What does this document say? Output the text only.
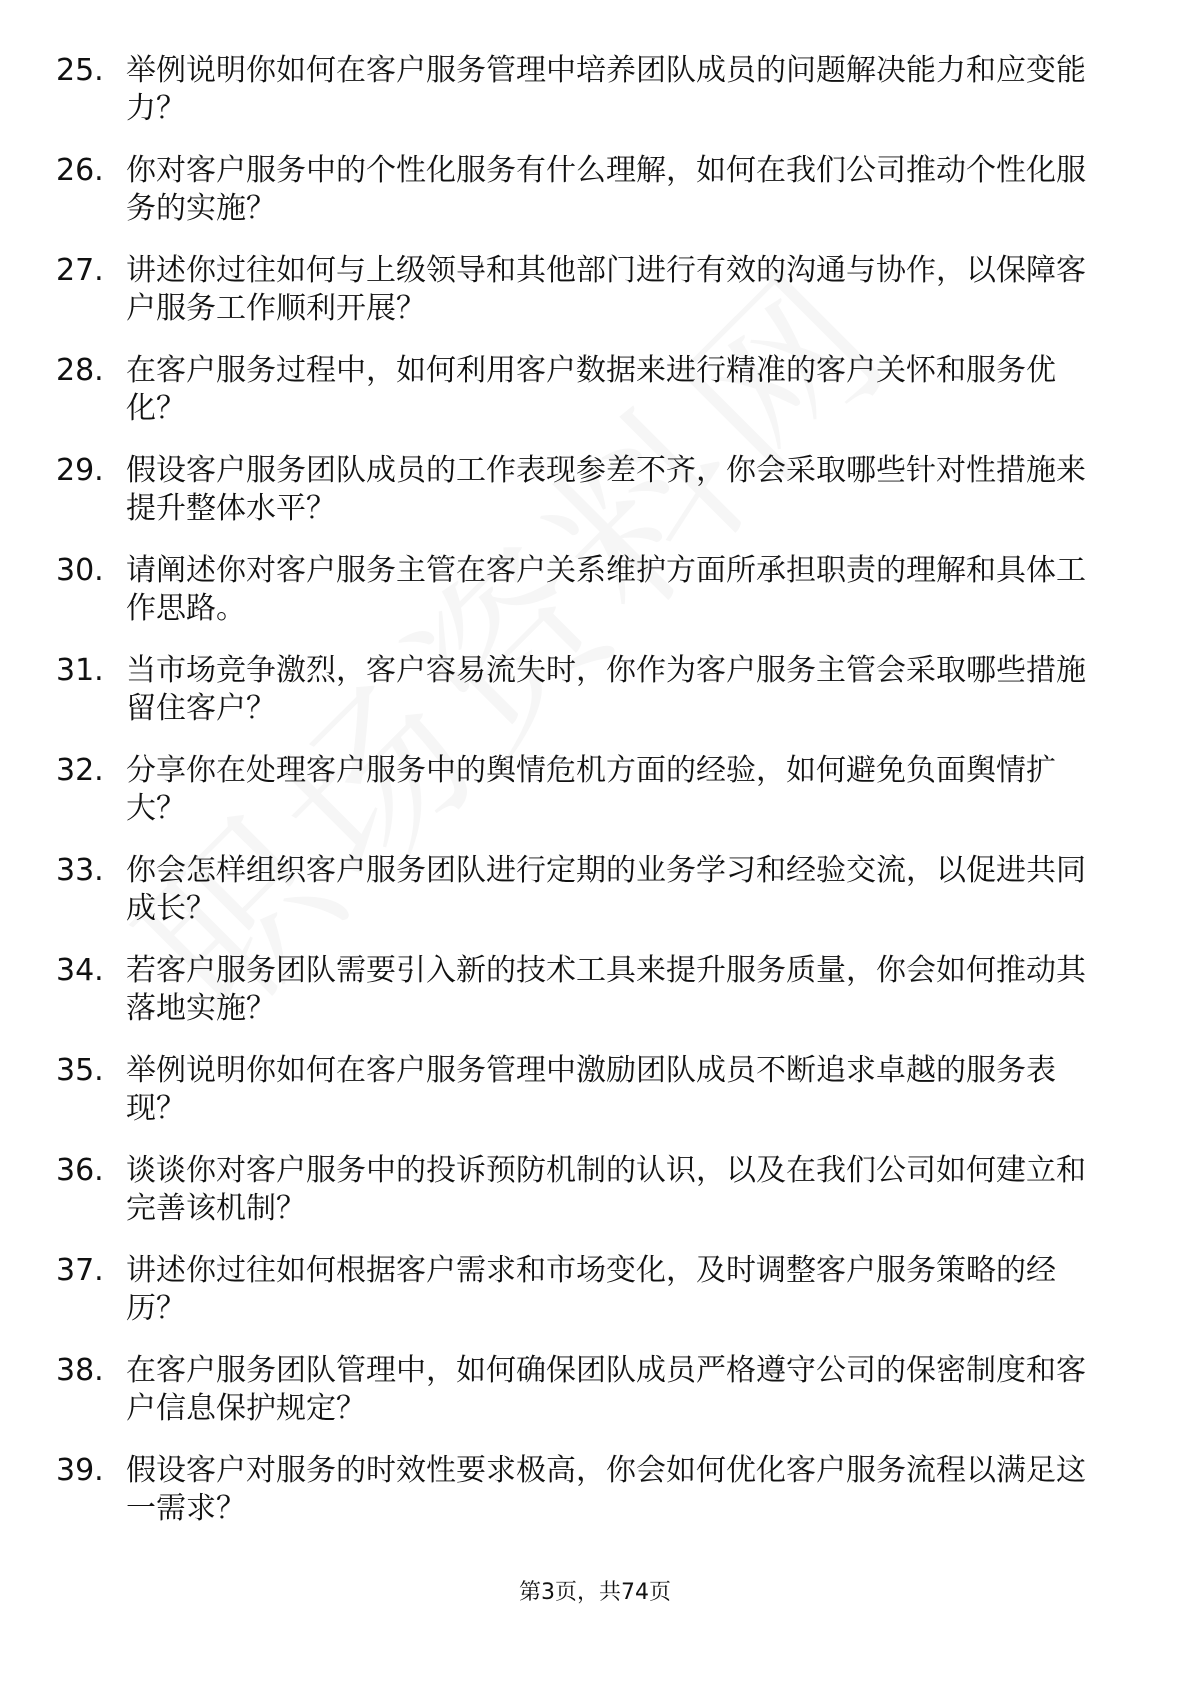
25. 举例说明你如何在客户服务管理中培养团队成员的问题解决能力和应变能力？
26. 你对客户服务中的个性化服务有什么理解，如何在我们公司推动个性化服务的实施？
27. 讲述你过往如何与上级领导和其他部门进行有效的沟通与协作，以保障客户服务工作顺利开展？
28. 在客户服务过程中，如何利用客户数据来进行精准的客户关怀和服务优化？
29. 假设客户服务团队成员的工作表现参差不齐，你会采取哪些针对性措施来提升整体水平？
30. 请阐述你对客户服务主管在客户关系维护方面所承担职责的理解和具体工作思路。
31. 当市场竞争激烈，客户容易流失时，你作为客户服务主管会采取哪些措施留住客户？
32. 分享你在处理客户服务中的舆情危机方面的经验，如何避免负面舆情扩大？
33. 你会怎样组织客户服务团队进行定期的业务学习和经验交流，以促进共同成长？
34. 若客户服务团队需要引入新的技术工具来提升服务质量，你会如何推动其落地实施？
35. 举例说明你如何在客户服务管理中激励团队成员不断追求卓越的服务表现？
36. 谈谈你对客户服务中的投诉预防机制的认识，以及在我们公司如何建立和完善该机制？
37. 讲述你过往如何根据客户需求和市场变化，及时调整客户服务策略的经历？
38. 在客户服务团队管理中，如何确保团队成员严格遵守公司的保密制度和客户信息保护规定？
39. 假设客户对服务的时效性要求极高，你会如何优化客户服务流程以满足这一需求？
第3页，共74页
